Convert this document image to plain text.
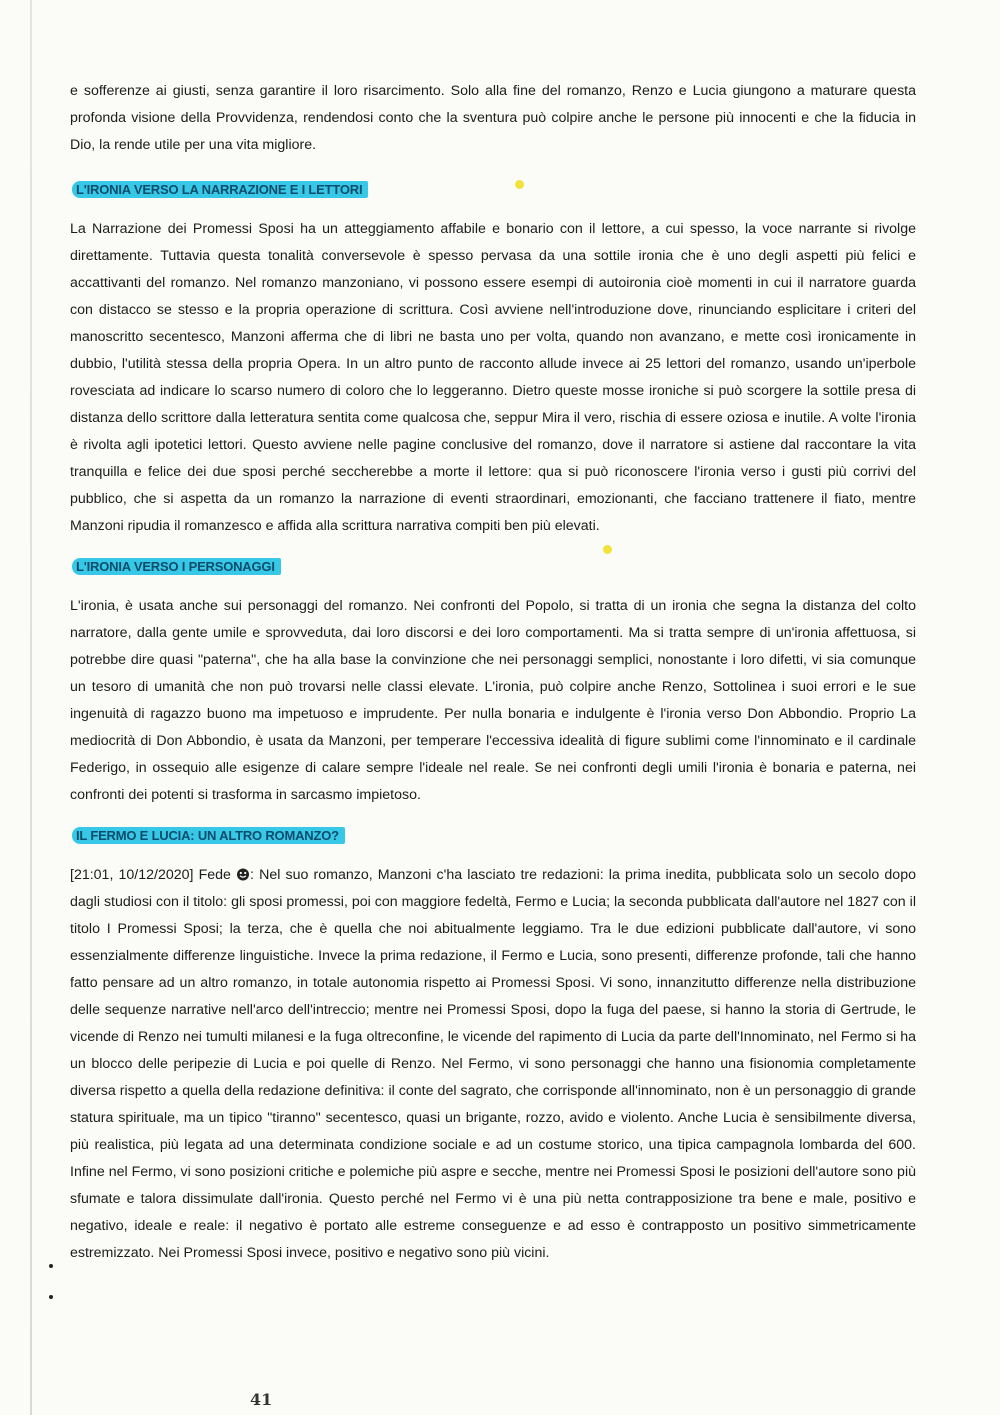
e sofferenze ai giusti, senza garantire il loro risarcimento. Solo alla fine del romanzo, Renzo e Lucia giungono a maturare questa profonda visione della Provvidenza, rendendosi conto che la sventura può colpire anche le persone più innocenti e che la fiducia in Dio, la rende utile per una vita migliore.

L'IRONIA VERSO LA NARRAZIONE E I LETTORI

La Narrazione dei Promessi Sposi ha un atteggiamento affabile e bonario con il lettore, a cui spesso, la voce narrante si rivolge direttamente. Tuttavia questa tonalità conversevole è spesso pervasa da una sottile ironia che è uno degli aspetti più felici e accattivanti del romanzo. Nel romanzo manzoniano, vi possono essere esempi di autoironia cioè momenti in cui il narratore guarda con distacco se stesso e la propria operazione di scrittura. Così avviene nell'introduzione dove, rinunciando esplicitare i criteri del manoscritto secentesco, Manzoni afferma che di libri ne basta uno per volta, quando non avanzano, e mette così ironicamente in dubbio, l'utilità stessa della propria Opera. In un altro punto de racconto allude invece ai 25 lettori del romanzo, usando un'iperbole rovesciata ad indicare lo scarso numero di coloro che lo leggeranno. Dietro queste mosse ironiche si può scorgere la sottile presa di distanza dello scrittore dalla letteratura sentita come qualcosa che, seppur Mira il vero, rischia di essere oziosa e inutile. A volte l'ironia è rivolta agli ipotetici lettori. Questo avviene nelle pagine conclusive del romanzo, dove il narratore si astiene dal raccontare la vita tranquilla e felice dei due sposi perché seccherebbe a morte il lettore: qua si può riconoscere l'ironia verso i gusti più corrivi del pubblico, che si aspetta da un romanzo la narrazione di eventi straordinari, emozionanti, che facciano trattenere il fiato, mentre Manzoni ripudia il romanzesco e affida alla scrittura narrativa compiti ben più elevati.

L'IRONIA VERSO I PERSONAGGI

L'ironia, è usata anche sui personaggi del romanzo. Nei confronti del Popolo, si tratta di un ironia che segna la distanza del colto narratore, dalla gente umile e sprovveduta, dai loro discorsi e dei loro comportamenti. Ma si tratta sempre di un'ironia affettuosa, si potrebbe dire quasi "paterna", che ha alla base la convinzione che nei personaggi semplici, nonostante i loro difetti, vi sia comunque un tesoro di umanità che non può trovarsi nelle classi elevate. L'ironia, può colpire anche Renzo, Sottolinea i suoi errori e le sue ingenuità di ragazzo buono ma impetuoso e imprudente. Per nulla bonaria e indulgente è l'ironia verso Don Abbondio. Proprio La mediocrità di Don Abbondio, è usata da Manzoni, per temperare l'eccessiva idealità di figure sublimi come l'innominato e il cardinale Federigo, in ossequio alle esigenze di calare sempre l'ideale nel reale. Se nei confronti degli umili l'ironia è bonaria e paterna, nei confronti dei potenti si trasforma in sarcasmo impietoso.

IL FERMO E LUCIA: UN ALTRO ROMANZO?

[21:01, 10/12/2020] Fede : Nel suo romanzo, Manzoni c'ha lasciato tre redazioni: la prima inedita, pubblicata solo un secolo dopo dagli studiosi con il titolo: gli sposi promessi, poi con maggiore fedeltà, Fermo e Lucia; la seconda pubblicata dall'autore nel 1827 con il titolo I Promessi Sposi; la terza, che è quella che noi abitualmente leggiamo. Tra le due edizioni pubblicate dall'autore, vi sono essenzialmente differenze linguistiche. Invece la prima redazione, il Fermo e Lucia, sono presenti, differenze profonde, tali che hanno fatto pensare ad un altro romanzo, in totale autonomia rispetto ai Promessi Sposi. Vi sono, innanzitutto differenze nella distribuzione delle sequenze narrative nell'arco dell'intreccio; mentre nei Promessi Sposi, dopo la fuga del paese, si hanno la storia di Gertrude, le vicende di Renzo nei tumulti milanesi e la fuga oltreconfine, le vicende del rapimento di Lucia da parte dell'Innominato, nel Fermo si ha un blocco delle peripezie di Lucia e poi quelle di Renzo. Nel Fermo, vi sono personaggi che hanno una fisionomia completamente diversa rispetto a quella della redazione definitiva: il conte del sagrato, che corrisponde all'innominato, non è un personaggio di grande statura spirituale, ma un tipico "tiranno" secentesco, quasi un brigante, rozzo, avido e violento. Anche Lucia è sensibilmente diversa, più realistica, più legata ad una determinata condizione sociale e ad un costume storico, una tipica campagnola lombarda del 600. Infine nel Fermo, vi sono posizioni critiche e polemiche più aspre e secche, mentre nei Promessi Sposi le posizioni dell'autore sono più sfumate e talora dissimulate dall'ironia. Questo perché nel Fermo vi è una più netta contrapposizione tra bene e male, positivo e negativo, ideale e reale: il negativo è portato alle estreme conseguenze e ad esso è contrapposto un positivo simmetricamente estremizzato. Nei Promessi Sposi invece, positivo e negativo sono più vicini.

41
